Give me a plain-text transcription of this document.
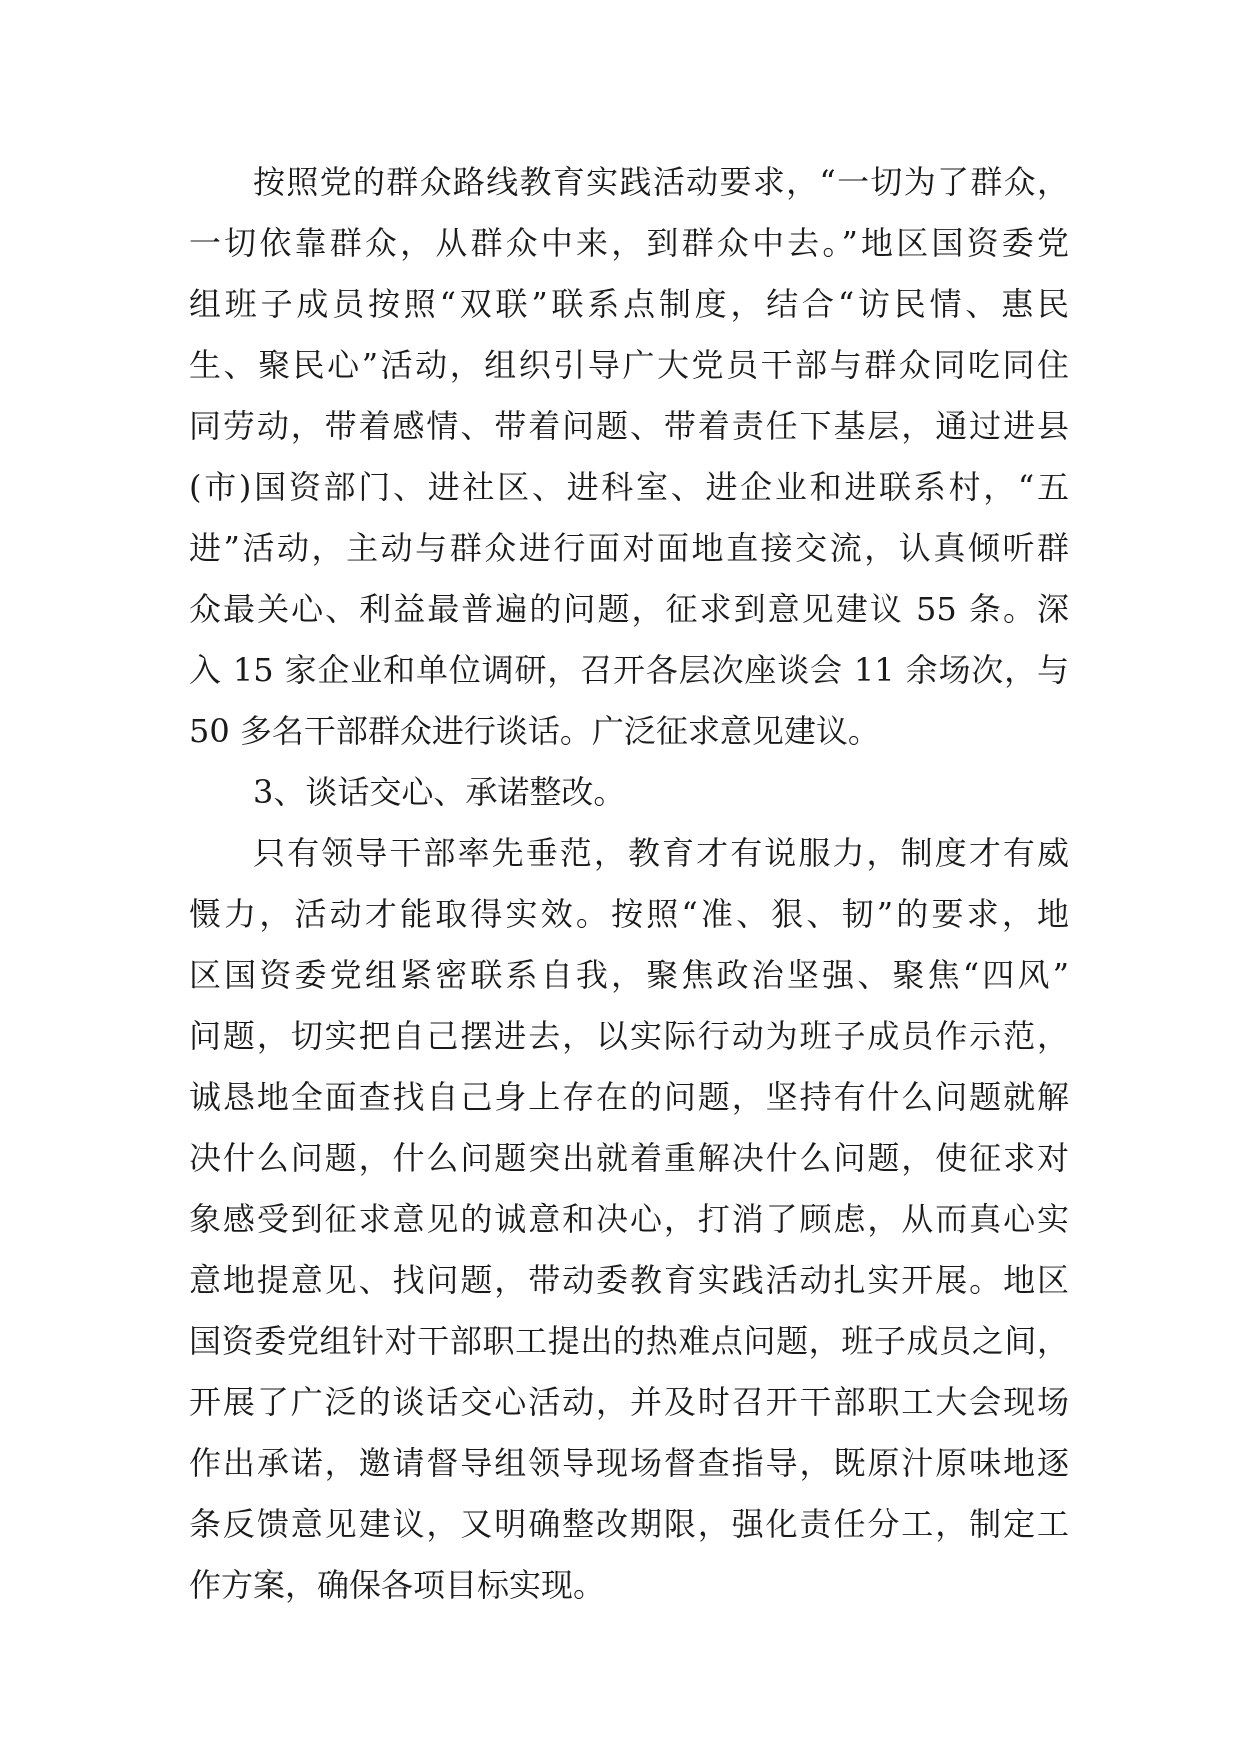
按照党的群众路线教育实践活动要求，“一切为了群众，
一切依靠群众，从群众中来，到群众中去。”地区国资委党
组班子成员按照“双联”联系点制度，结合“访民情、惠民
生、聚民心”活动，组织引导广大党员干部与群众同吃同住
同劳动，带着感情、带着问题、带着责任下基层，通过进县
(市)国资部门、进社区、进科室、进企业和进联系村，“五
进”活动，主动与群众进行面对面地直接交流，认真倾听群
众最关心、利益最普遍的问题，征求到意见建议 55 条。深
入 15 家企业和单位调研，召开各层次座谈会 11 余场次，与
50 多名干部群众进行谈话。广泛征求意见建议。
3、谈话交心、承诺整改。
只有领导干部率先垂范，教育才有说服力，制度才有威
慑力，活动才能取得实效。按照“准、狠、韧”的要求，地
区国资委党组紧密联系自我，聚焦政治坚强、聚焦“四风”
问题，切实把自己摆进去，以实际行动为班子成员作示范，
诚恳地全面查找自己身上存在的问题，坚持有什么问题就解
决什么问题，什么问题突出就着重解决什么问题，使征求对
象感受到征求意见的诚意和决心，打消了顾虑，从而真心实
意地提意见、找问题，带动委教育实践活动扎实开展。地区
国资委党组针对干部职工提出的热难点问题，班子成员之间，
开展了广泛的谈话交心活动，并及时召开干部职工大会现场
作出承诺，邀请督导组领导现场督查指导，既原汁原味地逐
条反馈意见建议，又明确整改期限，强化责任分工，制定工
作方案，确保各项目标实现。
